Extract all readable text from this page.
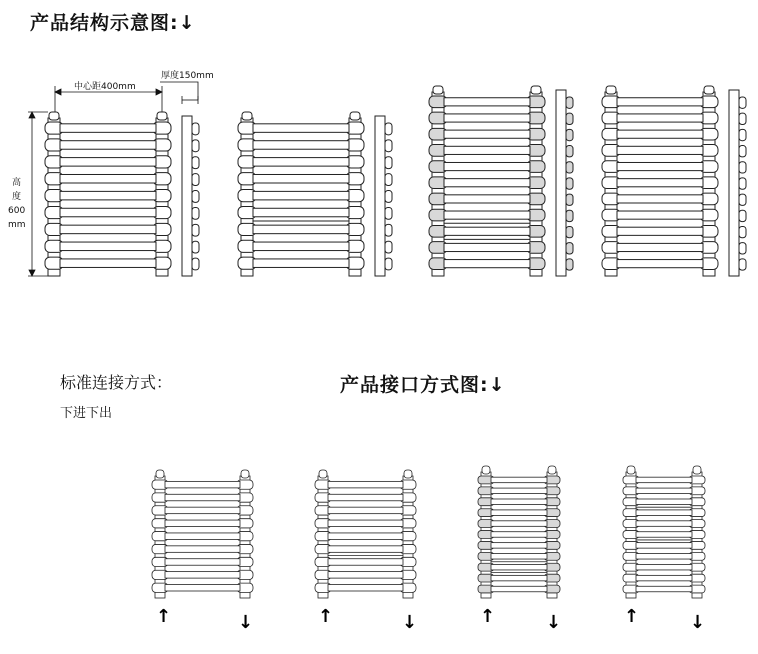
产品结构示意图:↓
标准连接方式：
下进下出
产品接口方式图:↓
中心距400mm
厚度150mm
高
度
600
mm
↑	↓	↑	↓	↑	↓	↑	↓
